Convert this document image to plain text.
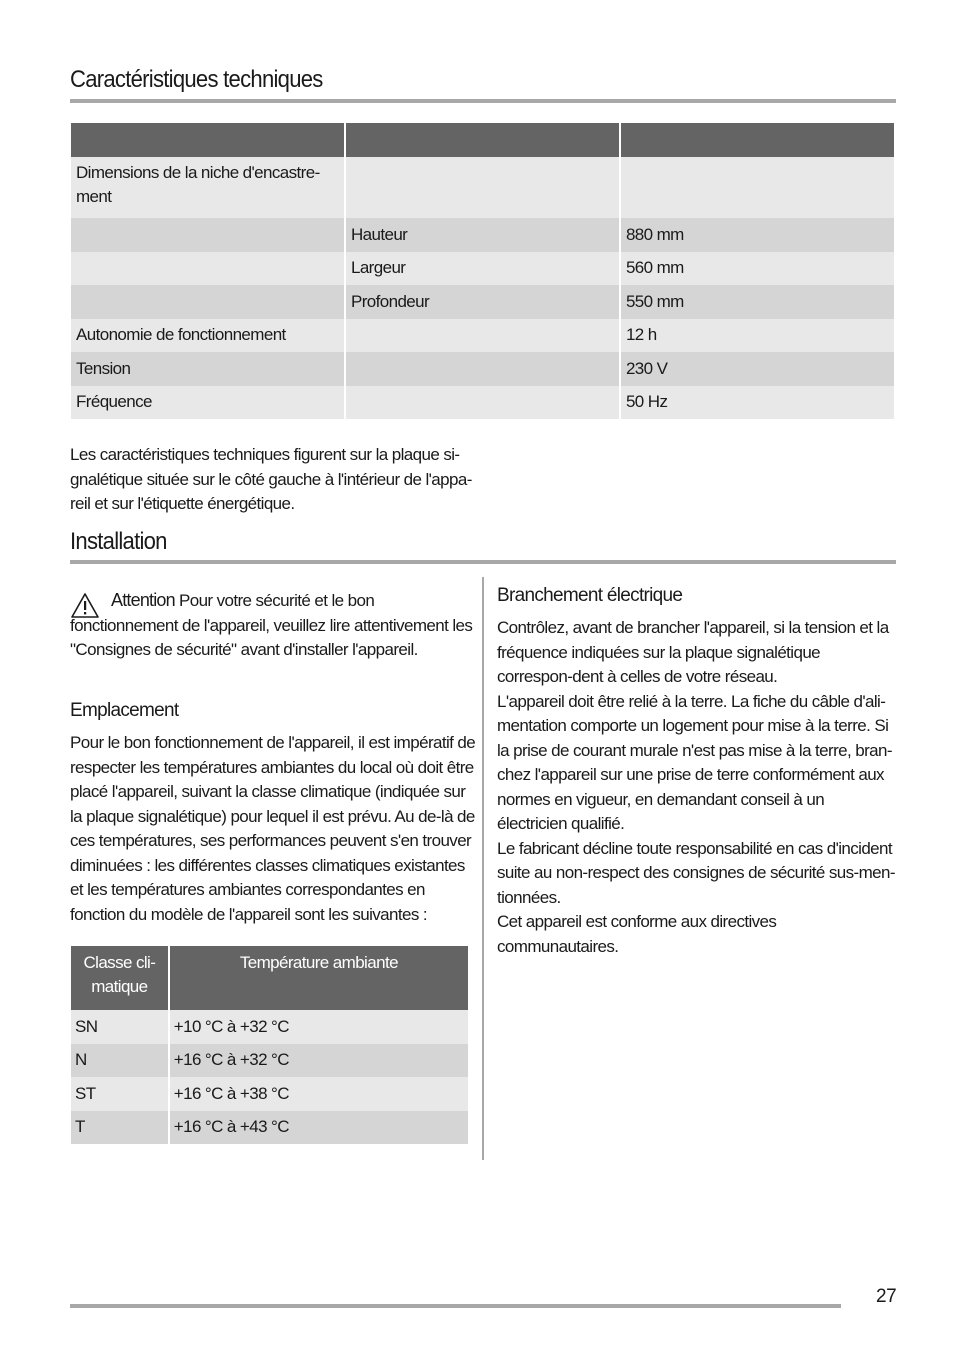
Caractéristiques techniques

Dimensions de la niche d'encastre-ment		
	Hauteur	880 mm
	Largeur	560 mm
	Profondeur	550 mm
Autonomie de fonctionnement		12 h
Tension		230 V
Fréquence		50 Hz
Les caractéristiques techniques figurent sur la plaque si-gnalétique située sur le côté gauche à l'intérieur de l'appa-reil et sur l'étiquette énergétique.
Installation
Attention Pour votre sécurité et le bon fonctionnement de l'appareil, veuillez lire attentivement les "Consignes de sécurité" avant d'installer l'appareil.
Emplacement
Pour le bon fonctionnement de l'appareil, il est impératif de respecter les températures ambiantes du local où doit être placé l'appareil, suivant la classe climatique (indiquée sur la plaque signalétique) pour lequel il est prévu. Au de-là de ces températures, ses performances peuvent s'en trouver diminuées : les différentes classes climatiques existantes et les températures ambiantes correspondantes en fonction du modèle de l'appareil sont les suivantes :
Classe cli-matique	Température ambiante
SN	+10 °C à +32 °C
N	+16 °C à +32 °C
ST	+16 °C à +38 °C
T	+16 °C à +43 °C
Branchement électrique
Contrôlez, avant de brancher l'appareil, si la tension et la fréquence indiquées sur la plaque signalétique correspon-dent à celles de votre réseau.
L'appareil doit être relié à la terre. La fiche du câble d'ali-mentation comporte un logement pour mise à la terre. Si la prise de courant murale n'est pas mise à la terre, bran-chez l'appareil sur une prise de terre conformément aux normes en vigueur, en demandant conseil à un électricien qualifié.
Le fabricant décline toute responsabilité en cas d'incident suite au non-respect des consignes de sécurité sus-men-tionnées.
Cet appareil est conforme aux directives communautaires.
27
